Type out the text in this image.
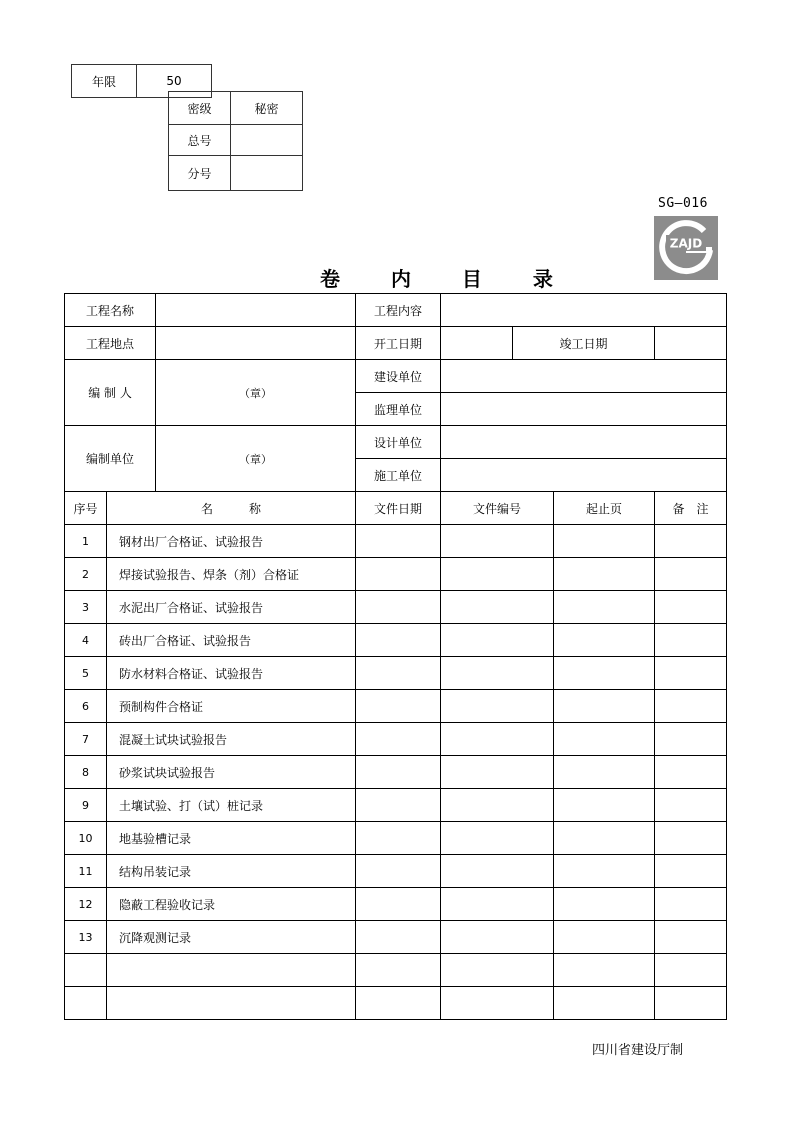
年限	50
密级	秘密
总号	
分号	
SG—016
ZAJD
卷 内 目 录
工程名称			工程内容				
工程地点			开工日期		竣工日期		
编 制 人		（章）	建设单位				
			监理单位				
编制单位		（章）	设计单位				
			施工单位				
序号	名　　　称		文件日期	文件编号		起止页	备　注
1	钢材出厂合格证、试验报告						
2	焊接试验报告、焊条（剂）合格证						
3	水泥出厂合格证、试验报告						
4	砖出厂合格证、试验报告						
5	防水材料合格证、试验报告						
6	预制构件合格证						
7	混凝土试块试验报告						
8	砂浆试块试验报告						
9	土壤试验、打（试）桩记录						
10	地基验槽记录						
11	结构吊装记录						
12	隐蔽工程验收记录						
13	沉降观测记录						

四川省建设厅制
